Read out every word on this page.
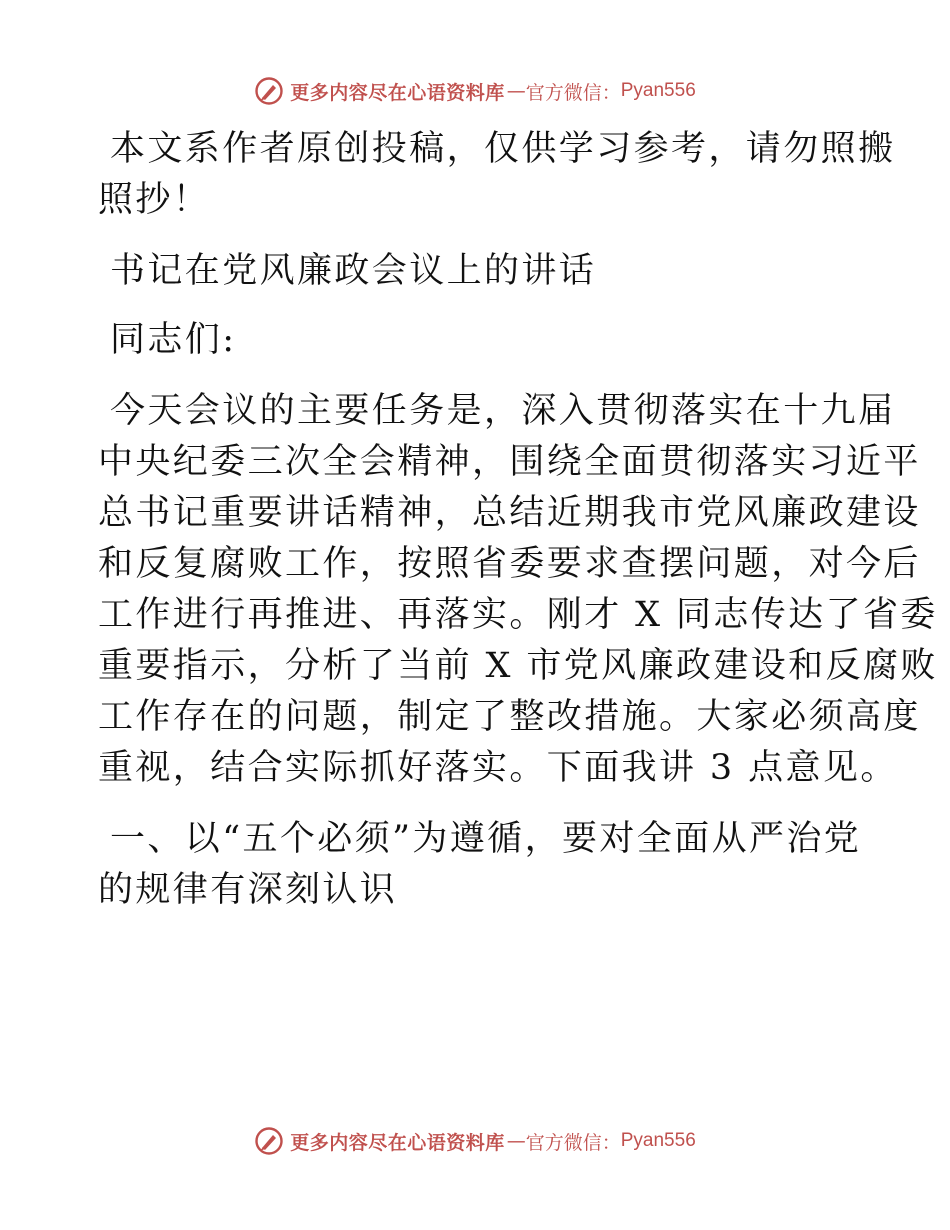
更多内容尽在心语资料库 — 官方微信： Pyan556

本文系作者原创投稿，仅供学习参考，请勿照搬
照抄！

书记在党风廉政会议上的讲话

同志们:

今天会议的主要任务是，深入贯彻落实在十九届
中央纪委三次全会精神，围绕全面贯彻落实习近平
总书记重要讲话精神，总结近期我市党风廉政建设
和反复腐败工作，按照省委要求查摆问题，对今后
工作进行再推进、再落实。刚才 X 同志传达了省委
重要指示，分析了当前 X 市党风廉政建设和反腐败
工作存在的问题，制定了整改措施。大家必须高度
重视，结合实际抓好落实。下面我讲 3 点意见。

一、以“五个必须”为遵循，要对全面从严治党
的规律有深刻认识

更多内容尽在心语资料库 — 官方微信： Pyan556
